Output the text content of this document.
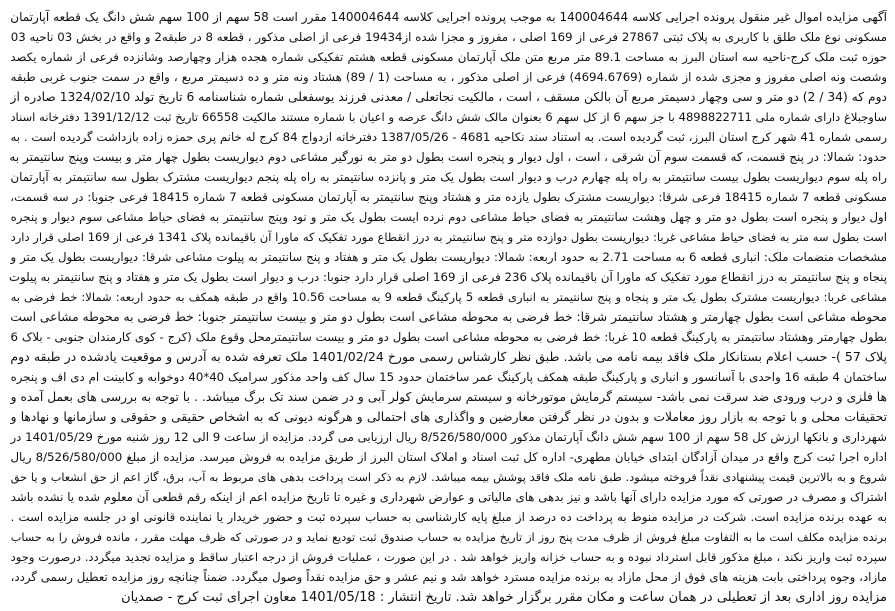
آگهی مزایده اموال غیر منقول پرونده اجرایی کلاسه 140004644 به موجب پرونده اجرایی کلاسه 140004644 مقرر است 58 سهم از 100 سهم شش دانگ یک قطعه آپارتمان
مسکونی نوع ملک طلق با کاربری به پلاک ثبتی 27867 فرعی از 169 اصلی ، مفروز و مجزا شده از19434 فرعی از اصلی مذکور ، قطعه 8 در طبقه2 و واقع در بخش 03 ناحیه 03
حوزه ثبت ملک کرج-ناحیه سه استان البرز به مساحت 89.1 متر مربع متن ملک آپارتمان مسکونی قطعه هشتم تفکیکی شماره هجده هزار وچهارصد وشانزده فرعی از شماره یکصد
وشصت ونه اصلی مفروز و مجزی شده از شماره (4694.6769) فرعی از اصلی مذکور ، به مساحت (1 / 89) هشتاد ونه متر و ده دسیمتر مربع ، واقع در سمت جنوب غربی طبقه
دوم که (34 / 2) دو متر و سی وچهار دسیمتر مربع آن بالکن مسقف ، است ، مالکیت نجاتعلی / معدنی فرزند یوسفعلی شماره شناسنامه 6 تاریخ تولد 1324/02/10 صادره از
ساوجبلاغ دارای شماره ملی 4898822711 با جز سهم 6 از کل سهم 6 بعنوان مالک شش دانگ عرصه و اعیان با شماره مستند مالکیت 66558 تاریخ ثبت 1391/12/12 دفترخانه اسناد
رسمی شماره 41 شهر کرج استان البرز، ثبت گردیده است. به استناد سند نکاحیه 4681 - 1387/05/26 دفترخانه ازدواج 84 کرج له خانم پری حمزه زاده بازداشت گردیده است . به
حدود: شمالا: در پنج قسمت، که قسمت سوم آن شرقی ، است ، اول دیوار و پنجره است بطول دو متر به نورگیر مشاعی دوم دیواریست بطول چهار متر و بیست وپنج سانتیمتر به
راه پله سوم دیواریست بطول بیست سانتیمتر به راه پله چهارم درب و دیوار است بطول یک متر و پانزده سانتیمتر به راه پله پنجم دیواریست مشترک بطول سه سانتیمتر به آپارتمان
مسکونی قطعه 7 شماره 18415 فرعی شرقا: دیواریست مشترک بطول یازده متر و هشتاد وپنج سانتیمتر به آپارتمان مسکونی قطعه 7 شماره 18415 فرعی جنوبا: در سه قسمت،
اول دیوار و پنجره است بطول دو متر و چهل وهشت سانتیمتر به فضای حیاط مشاعی دوم نرده ایست بطول یک متر و نود وپنج سانتیمتر به فضای حیاط مشاعی سوم دیوار و پنجره
است بطول سه متر به فضای حیاط مشاعی غربا: دیواریست بطول دوازده متر و پنج سانتیمتر به درز انقطاع مورد تفکیک که ماورا آن باقیمانده پلاک 1341 فرعی از 169 اصلی قرار دارد
مشخصات منضمات ملک: انباری قطعه 6 به مساحت 2.71 به حدود اربعه: شمالا: دیواریست بطول یک متر و هفتاد و پنج سانتیمتر به پیلوت مشاعی شرقا: دیواریست بطول یک متر و
پنجاه و پنج سانتیمتر به درز انقطاع مورد تفکیک که ماورا آن باقیمانده پلاک 236 فرعی از 169 اصلی قرار دارد جنوبا: درب و دیوار است بطول یک متر و هفتاد و پنج سانتیمتر به پیلوت
مشاعی غربا: دیواریست مشترک بطول یک متر و پنجاه و پنج سانتیمتر به انباری قطعه 5 پارکینگ قطعه 9 به مساحت 10.56 واقع در طبقه همکف به حدود اربعه: شمالا: خط فرضی به
محوطه مشاعی است بطول چهارمتر و هشتاد سانتیمتر شرقا: خط فرضی به محوطه مشاعی است بطول دو متر و بیست سانتیمتر جنوبا: خط فرضی به محوطه مشاعی است
بطول چهارمتر وهشتاد سانتیمتر به پارکینگ قطعه 10 غربا: خط فرضی به محوطه مشاعی است بطول دو متر و بیست سانتیمترمحل وقوع ملک (کرج - کوی کارمندان جنوبی - بلاک 6
پلاک 57 )- حسب اعلام بستانکار ملک فاقد بیمه نامه می باشد. طبق نظر کارشناس رسمی مورخ 1401/02/24 ملک تعرفه شده به آدرس و موقعیت یادشده در طبقه دوم
ساختمان 4 طبقه 16 واحدی با آسانسور و انباری و پارکینگ طبقه همکف پارکینگ عمر ساختمان حدود 15 سال کف واحد مذکور سرامیک 40*40 دوخوابه و کابینت ام دی اف و پنجره
ها فلزی و درب ورودی ضد سرقت نمی باشد- سیستم گرمایش موتورخانه و سیستم سرمایش کولر آبی و در ضمن سند تک برگ میباشد. . با توجه به بررسی های بعمل آمده و
تحقیقات محلی و با توجه به بازار روز معاملات و بدون در نظر گرفتن معارضین و واگذاری های احتمالی و هرگونه دیونی که به اشخاص حقیقی و حقوقی و سازمانها و نهادها و
شهرداری و بانکها ارزش کل 58 سهم از 100 سهم شش دانگ آپارتمان مذکور 8/526/580/000 ریال ارزیابی می گردد. مزایده از ساعت 9 الی 12 روز شنبه مورخ 1401/05/29 در
اداره اجرا ثبت کرج واقع در میدان آزادگان ابتدای خیابان مطهری- اداره کل ثبت اسناد و املاک استان البرز از طریق مزایده به فروش میرسد. مزایده از مبلغ 8/526/580/000 ریال
شروع و به بالاترین قیمت پیشنهادی نقداً فروخته میشود. طبق نامه ملک فاقد پوشش بیمه میباشد. لازم به ذکر است پرداخت بدهی های مربوط به آب، برق، گاز اعم از حق انشعاب و یا حق
اشتراک و مصرف در صورتی که مورد مزایده دارای آنها باشد و نیز بدهی های مالیاتی و عوارض شهرداری و غیره تا تاریخ مزایده اعم از اینکه رقم قطعی آن معلوم شده یا نشده باشد
به عهده برنده مزایده است. شرکت در مزایده منوط به پرداخت ده درصد از مبلغ پایه کارشناسی به حساب سپرده ثبت و حضور خریدار یا نماینده قانونی او در جلسه مزایده است .
برنده مزایده مکلف است ما به التفاوت مبلغ فروش از ظرف مدت پنج روز از تاریخ مزایده به حساب صندوق ثبت تودیع نماید و در صورتی که ظرف مهلت مقرر ، مانده فروش را به حساب
سپرده ثبت واریز نکند ، مبلغ مذکور قابل استرداد نبوده و به حساب خزانه واریز خواهد شد . در این صورت ، عملیات فروش از درجه اعتبار ساقط و مزایده تجدید میگردد. درصورت وجود
مازاد، وجوه پرداختی بابت هزینه های فوق از محل مازاد به برنده مزایده مسترد خواهد شد و نیم عشر و حق مزایده نقداً وصول میگردد. ضمناً چنانچه روز مزایده تعطیل رسمی گردد،
مزایده روز اداری بعد از تعطیلی در همان ساعت و مکان مقرر برگزار خواهد شد. تاریخ انتشار : 1401/05/18 معاون اجرای ثبت کرج - صمدیان
